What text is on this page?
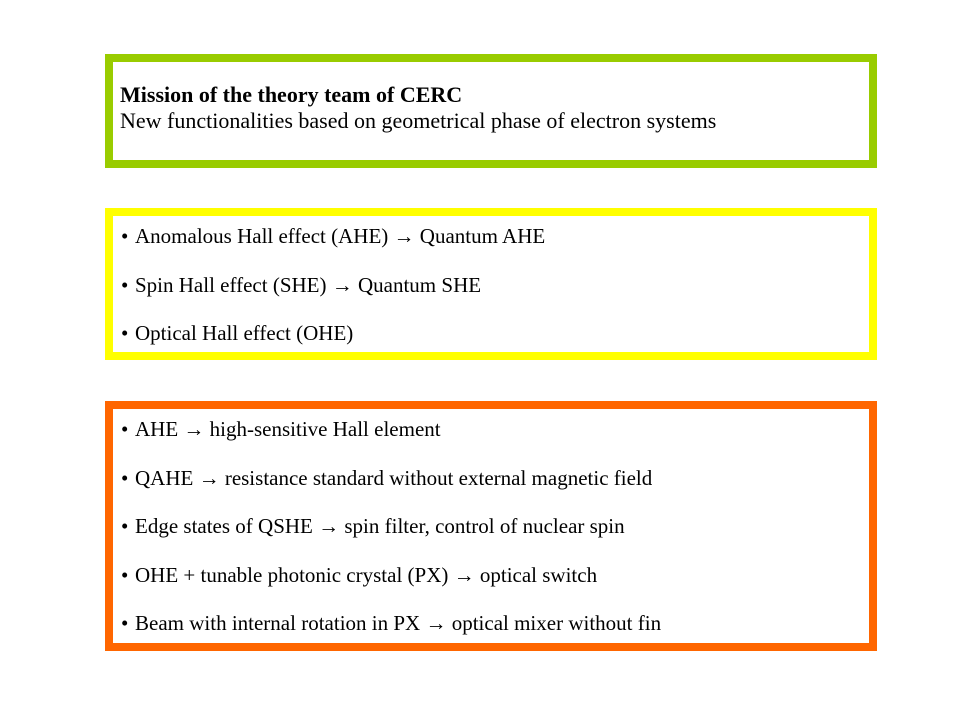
Mission of the theory team of CERC
New functionalities based on geometrical phase of electron systems
• Anomalous Hall effect (AHE) → Quantum AHE
• Spin Hall effect (SHE) → Quantum SHE
• Optical Hall effect (OHE)
• AHE → high-sensitive Hall element
• QAHE → resistance standard without external magnetic field
• Edge states of QSHE → spin filter, control of nuclear spin
• OHE + tunable photonic crystal (PX) → optical switch
• Beam with internal rotation in PX → optical mixer without fin
